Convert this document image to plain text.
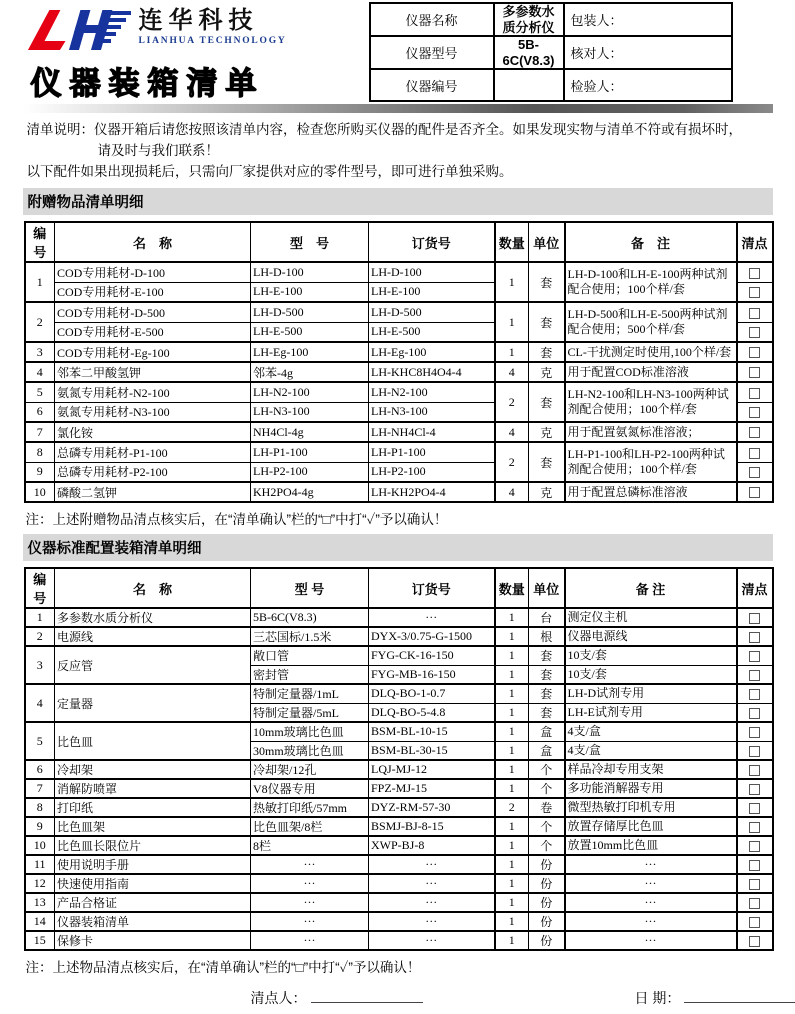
连华科技
LIANHUA TECHNOLOGY
仪器装箱清单
仪器名称	多参数水质分析仪	包装人：
仪器型号	5B-6C(V8.3)	核对人：
仪器编号		检验人：
清单说明：仪器开箱后请您按照该清单内容，检查您所购买仪器的配件是否齐全。如果发现实物与清单不符或有损坏时，
请及时与我们联系！
以下配件如果出现损耗后，只需向厂家提供对应的零件型号，即可进行单独采购。
附赠物品清单明细
编号	名　称	型　号	订货号	数量	单位	备　注	清点
1	COD专用耗材-D-100	LH-D-100	LH-D-100	1	套	LH-D-100和LH-E-100两种试剂配合使用；100个样/套	
	COD专用耗材-E-100	LH-E-100	LH-E-100				
2	COD专用耗材-D-500	LH-D-500	LH-D-500	1	套	LH-D-500和LH-E-500两种试剂配合使用；500个样/套	
	COD专用耗材-E-500	LH-E-500	LH-E-500				
3	COD专用耗材-Eg-100	LH-Eg-100	LH-Eg-100	1	套	CL-干扰测定时使用,100个样/套	
4	邻苯二甲酸氢钾	邻苯-4g	LH-KHC8H4O4-4	4	克	用于配置COD标准溶液	
5	氨氮专用耗材-N2-100	LH-N2-100	LH-N2-100	2	套	LH-N2-100和LH-N3-100两种试剂配合使用；100个样/套	
6	氨氮专用耗材-N3-100	LH-N3-100	LH-N3-100				
7	氯化铵	NH4Cl-4g	LH-NH4Cl-4	4	克	用于配置氨氮标准溶液；	
8	总磷专用耗材-P1-100	LH-P1-100	LH-P1-100	2	套	LH-P1-100和LH-P2-100两种试剂配合使用；100个样/套	
9	总磷专用耗材-P2-100	LH-P2-100	LH-P2-100				
10	磷酸二氢钾	KH2PO4-4g	LH-KH2PO4-4	4	克	用于配置总磷标准溶液	
注：上述附赠物品清点核实后，在“清单确认”栏的“□”中打“✓”予以确认！
仪器标准配置装箱清单明细
编号	名　称	型 号	订货号	数量	单位	备 注	清点
1	多参数水质分析仪	5B-6C(V8.3)	···	1	台	测定仪主机	
2	电源线	三芯国标/1.5米	DYX-3/0.75-G-1500	1	根	仪器电源线	
3	反应管	敞口管	FYG-CK-16-150	1	套	10支/套	
		密封管	FYG-MB-16-150	1	套	10支/套	
4	定量器	特制定量器/1mL	DLQ-BO-1-0.7	1	套	LH-D试剂专用	
		特制定量器/5mL	DLQ-BO-5-4.8	1	套	LH-E试剂专用	
5	比色皿	10mm玻璃比色皿	BSM-BL-10-15	1	盒	4支/盒	
		30mm玻璃比色皿	BSM-BL-30-15	1	盒	4支/盒	
6	冷却架	冷却架/12孔	LQJ-MJ-12	1	个	样品冷却专用支架	
7	消解防喷罩	V8仪器专用	FPZ-MJ-15	1	个	多功能消解器专用	
8	打印纸	热敏打印纸/57mm	DYZ-RM-57-30	2	卷	微型热敏打印机专用	
9	比色皿架	比色皿架/8栏	BSMJ-BJ-8-15	1	个	放置存储厚比色皿	
10	比色皿长限位片	8栏	XWP-BJ-8	1	个	放置10mm比色皿	
11	使用说明手册	···	···	1	份	···	
12	快速使用指南	···	···	1	份	···	
13	产品合格证	···	···	1	份	···	
14	仪器装箱清单	···	···	1	份	···	
15	保修卡	···	···	1	份	···	
注：上述物品清点核实后，在“清单确认”栏的“□”中打“✓”予以确认！
清点人：	日 期：
